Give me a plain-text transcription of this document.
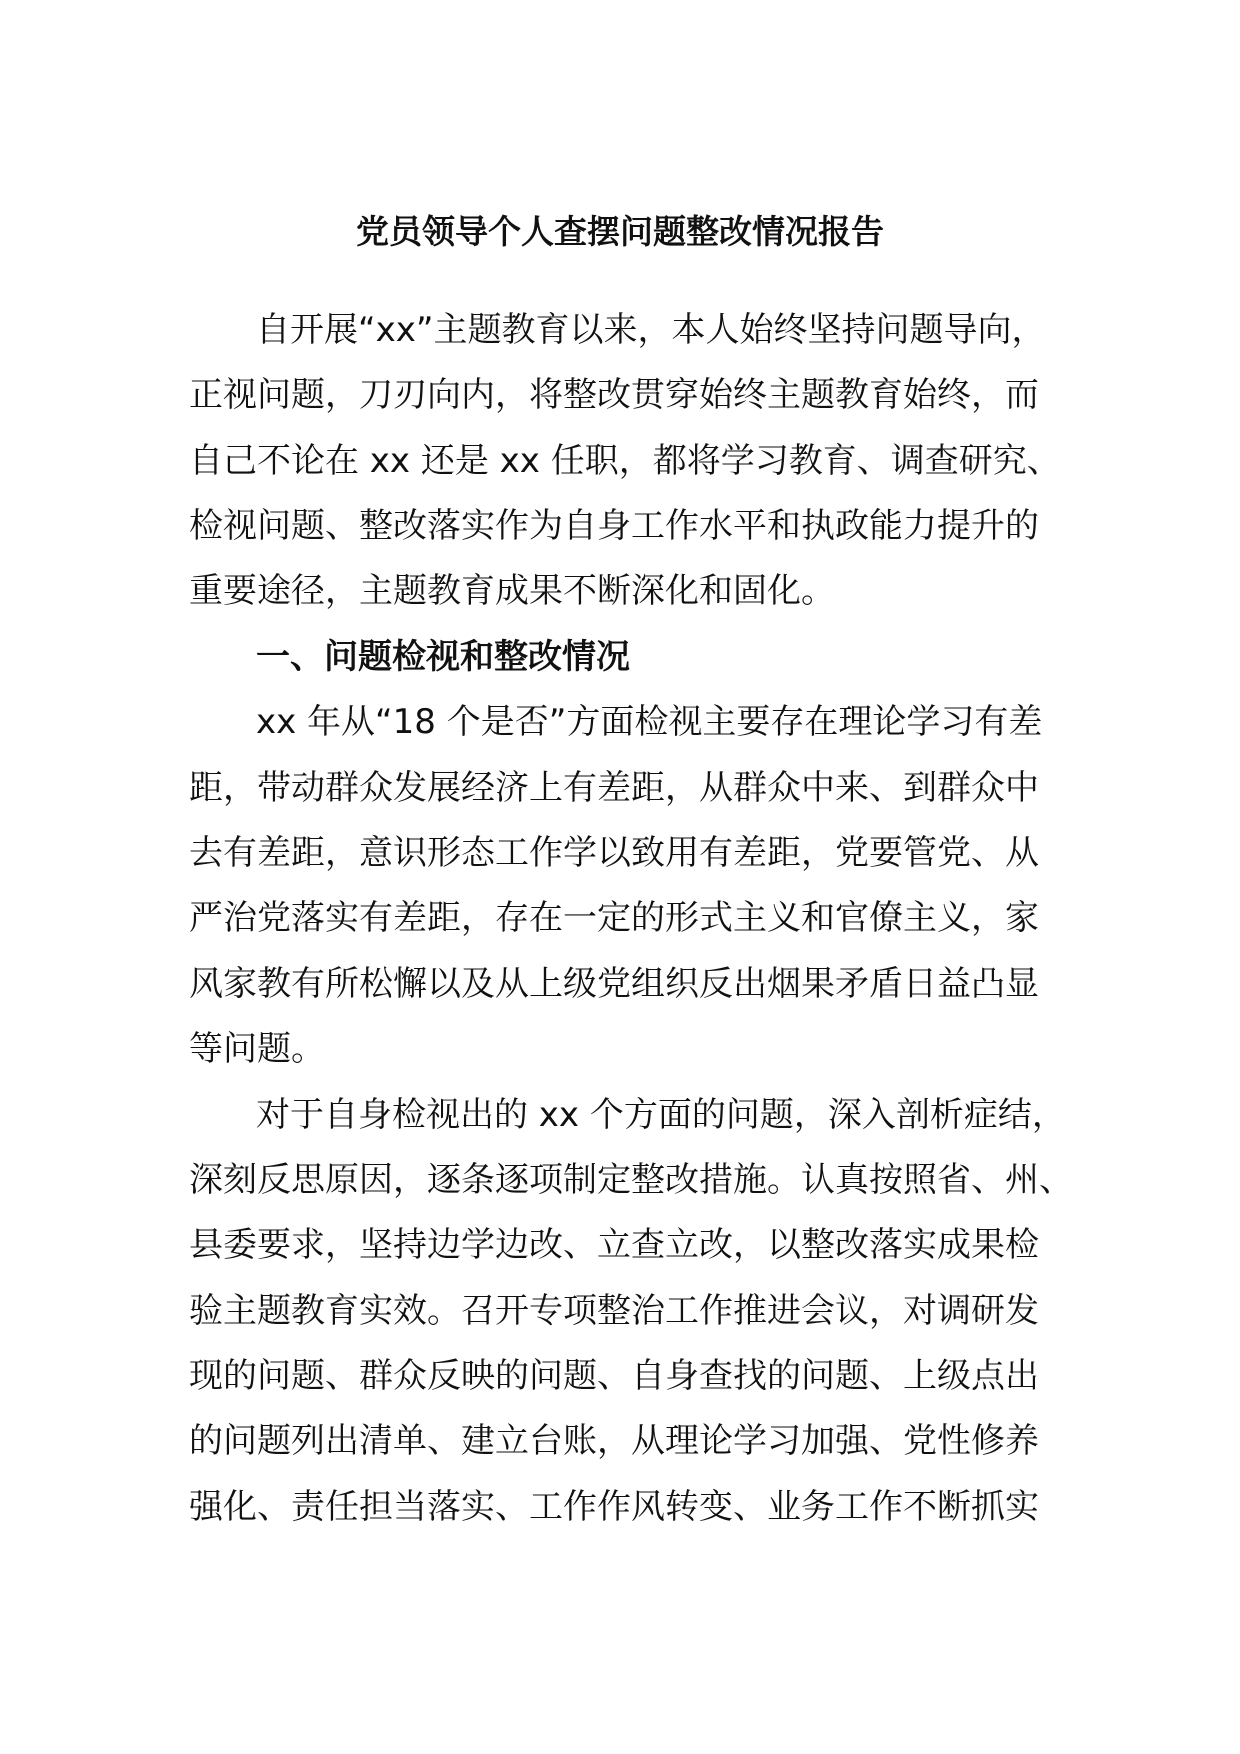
党员领导个人查摆问题整改情况报告
自开展“xx”主题教育以来，本人始终坚持问题导向，
正视问题，刀刃向内，将整改贯穿始终主题教育始终，而
自己不论在 xx 还是 xx 任职，都将学习教育、调查研究、
检视问题、整改落实作为自身工作水平和执政能力提升的
重要途径，主题教育成果不断深化和固化。
一、问题检视和整改情况
xx 年从“18 个是否”方面检视主要存在理论学习有差
距，带动群众发展经济上有差距，从群众中来、到群众中
去有差距，意识形态工作学以致用有差距，党要管党、从
严治党落实有差距，存在一定的形式主义和官僚主义，家
风家教有所松懈以及从上级党组织反出烟果矛盾日益凸显
等问题。
对于自身检视出的 xx 个方面的问题，深入剖析症结，
深刻反思原因，逐条逐项制定整改措施。认真按照省、州、
县委要求，坚持边学边改、立查立改，以整改落实成果检
验主题教育实效。召开专项整治工作推进会议，对调研发
现的问题、群众反映的问题、自身查找的问题、上级点出
的问题列出清单、建立台账，从理论学习加强、党性修养
强化、责任担当落实、工作作风转变、业务工作不断抓实
